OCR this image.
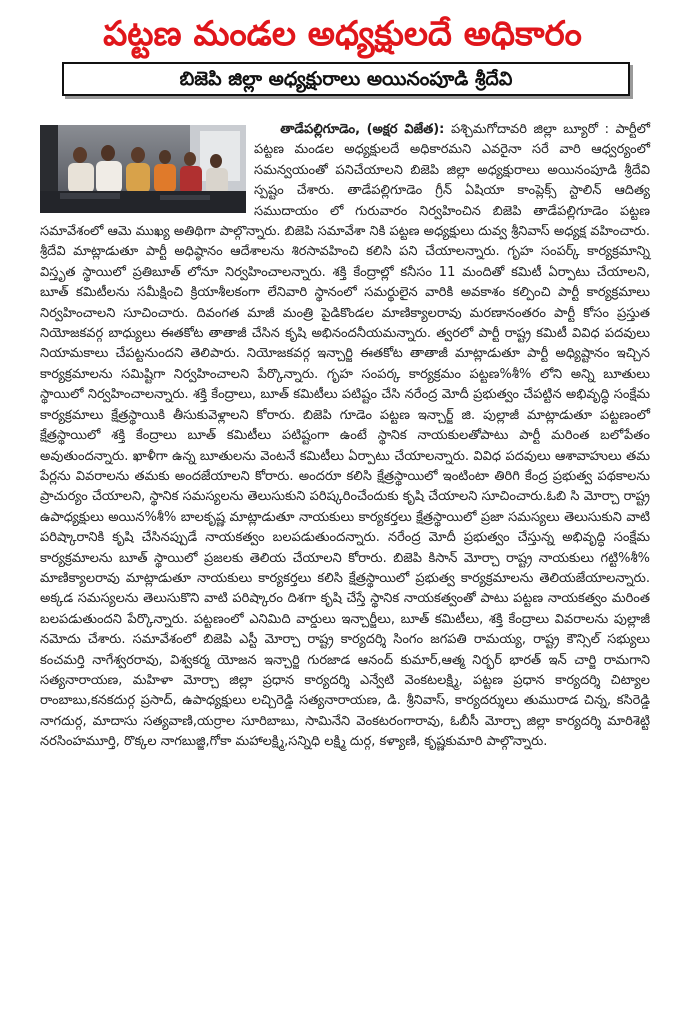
పట్టణ మండల అధ్యక్షులదే అధికారం
బిజెపి జిల్లా అధ్యక్షురాలు అయినంపూడి శ్రీదేవి

తాడేపల్లిగూడెం, (అక్షర విజేత): పశ్చిమగోదావరి జిల్లా బ్యూరో : పార్టీలో పట్టణ మండల అధ్యక్షులదే అధికారమని ఎవరైనా సరే వారి ఆధ్వర్యంలో సమన్వయంతో పనిచేయాలని బిజెపి జిల్లా అధ్యక్షురాలు అయినంపూడి శ్రీదేవి స్పష్టం చేశారు. తాడేపల్లిగూడెం గ్రీన్ ఏషియా కాంప్లెక్స్ స్టాలిన్ ఆదిత్య సముదాయం లో గురువారం నిర్వహించిన బిజెపి తాడేపల్లిగూడెం పట్టణ సమావేశంలో ఆమె ముఖ్య అతిథిగా పాల్గొన్నారు. బిజెపి సమావేశా నికి పట్టణ అధ్యక్షులు దువ్వ శ్రీనివాస్ అధ్యక్ష వహించారు. శ్రీదేవి మాట్లాడుతూ పార్టీ అధిష్ఠానం ఆదేశాలను శిరసావహించి కలిసి పని చేయాలన్నారు. గృహ సంపర్క్ కార్యక్రమాన్ని విస్తృత స్థాయిలో ప్రతిబూత్ లోనూ నిర్వహించాలన్నారు. శక్తి కేంద్రాల్లో కనీసం 11 మందితో కమిటీ ఏర్పాటు చేయాలని, బూత్ కమిటీలను సమీక్షించి క్రియాశీలకంగా లేనివారి స్థానంలో సమర్థులైన వారికి అవకాశం కల్పించి పార్టీ కార్యక్రమాలు నిర్వహించాలని సూచించారు. దివంగత మాజీ మంత్రి పైడికొండల మాణిక్యాలరావు మరణానంతరం పార్టీ కోసం ప్రస్తుత నియోజకవర్గ బాధ్యులు ఈతకోట తాతాజీ చేసిన కృషి అభినందనీయమన్నారు. త్వరలో పార్టీ రాష్ట్ర కమిటీ వివిధ పదవులు నియామకాలు చేపట్టనుందని తెలిపారు. నియోజకవర్గ ఇన్చార్జి ఈతకోట తాతాజీ మాట్లాడుతూ పార్టీ అధ్యిష్టానం ఇచ్చిన కార్యక్రమాలను సమిష్టిగా నిర్వహించాలని పేర్కొన్నారు. గృహ సంపర్క కార్యక్రమం పట్టణ%శీ% లోని అన్ని బూతులు స్థాయిలో నిర్వహించాలన్నారు. శక్తి కేంద్రాలు, బూత్ కమిటీలు పటిష్టం చేసి నరేంద్ర మోదీ ప్రభుత్వం చేపట్టిన అభివృద్ధి సంక్షేమ కార్యక్రమాలు క్షేత్రస్థాయికి తీసుకువెళ్లాలని కోరారు. బిజెపి గూడెం పట్టణ ఇన్చార్జ్ జి. పుల్లాజీ మాట్లాడుతూ పట్టణంలో క్షేత్రస్థాయిలో శక్తి కేంద్రాలు బూత్ కమిటీలు పటిష్టంగా ఉంటే స్థానిక నాయకులతోపాటు పార్టీ మరింత బలోపేతం అవుతుందన్నారు. ఖాళీగా ఉన్న బూతులను వెంటనే కమిటీలు ఏర్పాటు చేయాలన్నారు. వివిధ పదవులు ఆశావాహులు తమ పేర్లను వివరాలను తమకు అందజేయాలని కోరారు. అందరూ కలిసి క్షేత్రస్థాయిలో ఇంటింటా తిరిగి కేంద్ర ప్రభుత్వ పథకాలను ప్రాచుర్యం చేయాలని, స్థానిక సమస్యలను తెలుసుకుని పరిష్కరించేందుకు కృషి చేయాలని సూచించారు.ఓబి సి మోర్చా రాష్ట్ర ఉపాధ్యక్షులు అయిన%శీ% బాలకృష్ణ మాట్లాడుతూ నాయకులు కార్యకర్తలు క్షేత్రస్థాయిలో ప్రజా సమస్యలు తెలుసుకుని వాటి పరిష్కారానికి కృషి చేసినప్పుడే నాయకత్వం బలపడుతుందన్నారు. నరేంద్ర మోదీ ప్రభుత్వం చేస్తున్న అభివృద్ధి సంక్షేమ కార్యక్రమాలను బూత్ స్థాయిలో ప్రజలకు తెలియ చేయాలని కోరారు. బిజెపి కిసాన్ మోర్చా రాష్ట్ర నాయకులు గట్టి%శీ% మాణిక్యాలరావు మాట్లాడుతూ నాయకులు కార్యకర్తలు కలిసి క్షేత్రస్థాయిలో ప్రభుత్వ కార్యక్రమాలను తెలియజేయాలన్నారు. అక్కడ సమస్యలను తెలుసుకొని వాటి పరిష్కారం దిశగా కృషి చేస్తే స్థానిక నాయకత్వంతో పాటు పట్టణ నాయకత్వం మరింత బలపడుతుందని పేర్కొన్నారు. పట్టణంలో ఎనిమిది వార్డులు ఇన్చార్జీలు, బూత్ కమిటీలు, శక్తి కేంద్రాలు వివరాలను పుల్లాజీ నమోదు చేశారు. సమావేశంలో బిజెపి ఎస్టీ మోర్చా రాష్ట్ర కార్యదర్శి సింగం జగపతి రామయ్య, రాష్ట్ర కౌన్సిల్ సభ్యులు కంచమర్తి నాగేశ్వరరావు, విశ్వకర్మ యోజన ఇన్చార్జి గురజాడ ఆనంద్ కుమార్,ఆత్మ నిర్భర్ భారత్ ఇన్ చార్జి రామగాని సత్యనారాయణ, మహిళా మోర్చా జిల్లా ప్రధాన కార్యదర్శి ఎన్వేటి వెంకటలక్ష్మి, పట్టణ ప్రధాన కార్యదర్శి చిట్యాల రాంబాబు,కనకదుర్గ ప్రసాద్, ఉపాధ్యక్షులు లచ్చిరెడ్డి సత్యనారాయణ, డి. శ్రీనివాస్, కార్యదర్శులు తుమురాడ చిన్న, కసిరెడ్డి నాగదుర్గ, మాదాసు సత్యవాణి,యర్రాల సూరిబాబు, సామినేని వెంకటరంగారావు, ఓబీసీ మోర్చా జిల్లా కార్యదర్శి మారిశెట్టి నరసింహమూర్తి, రొక్కల నాగబుజ్జి,గోకా మహాలక్ష్మి,సన్నిధి లక్ష్మి దుర్గ, కళ్యాణి, కృష్ణకుమారి పాల్గొన్నారు.
